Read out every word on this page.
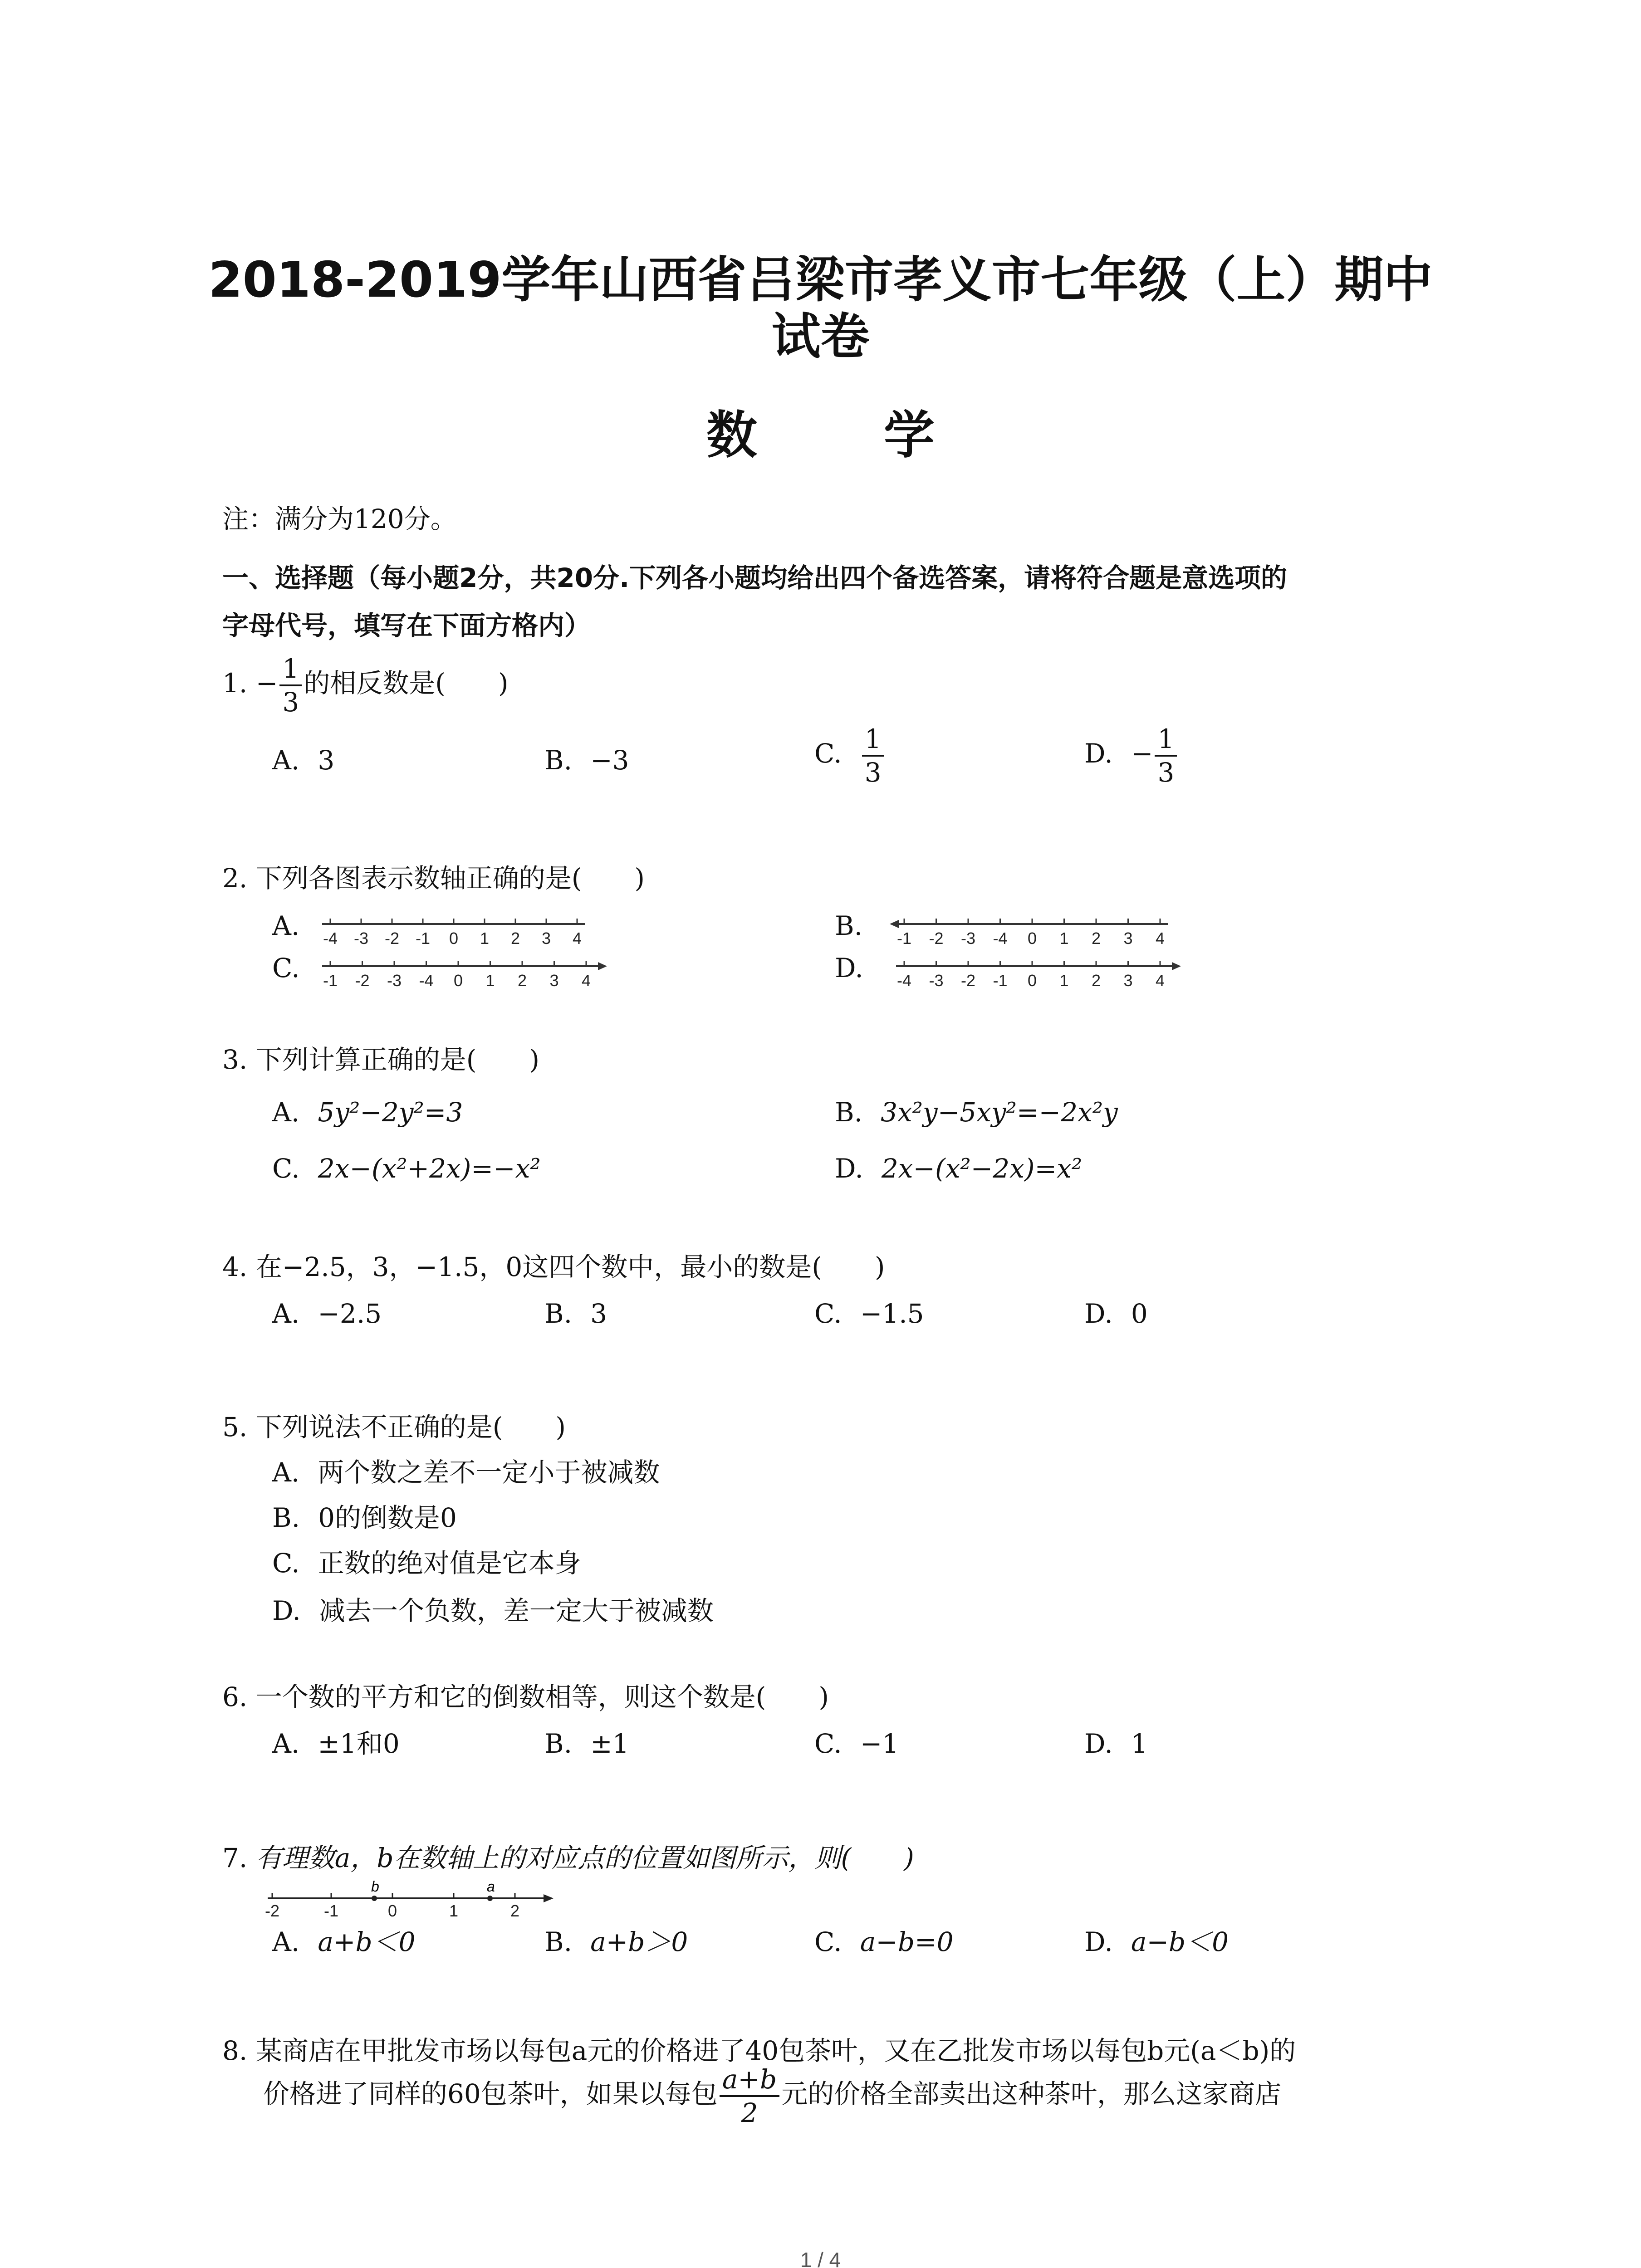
2018-2019学年山西省吕梁市孝义市七年级（上）期中
试卷
数 学
注：满分为120分。
一、选择题（每小题2分，共20分.下列各小题均给出四个备选答案，请将符合题是意选项的
字母代号，填写在下面方格内）
1. − $\frac{1}{3}$ 的相反数是(　　)
A. 3	B. −3	C. $\frac{1}{3}$	D. − $\frac{1}{3}$
2. 下列各图表示数轴正确的是(　　)
A. -4 -3 -2 -1 0 1 2 3 4	B. -1 -2 -3 -4 0 1 2 3 4
C. -1 -2 -3 -4 0 1 2 3 4	D. -4 -3 -2 -1 0 1 2 3 4
3. 下列计算正确的是(　　)
A. 5y²−2y²=3	B. 3x²y−5xy²=−2x²y
C. 2x−(x²+2x)=−x²	D. 2x−(x²−2x)=x²
4. 在−2.5，3，−1.5，0这四个数中，最小的数是(　　)
A. −2.5	B. 3	C. −1.5	D. 0
5. 下列说法不正确的是(　　)
A. 两个数之差不一定小于被减数
B. 0的倒数是0
C. 正数的绝对值是它本身
D. 减去一个负数，差一定大于被减数
6. 一个数的平方和它的倒数相等，则这个数是(　　)
A. ±1和0	B. ±1	C. −1	D. 1
7. 有理数a，b在数轴上的对应点的位置如图所示，则(　　)
-2	-1	0	1	2
b	a
A. a+b＜0	B. a+b＞0	C. a−b=0	D. a−b＜0
8. 某商店在甲批发市场以每包a元的价格进了40包茶叶，又在乙批发市场以每包b元(a＜b)的
价格进了同样的60包茶叶，如果以每包 $\frac{a+b}{2}$ 元的价格全部卖出这种茶叶，那么这家商店
1 / 4
